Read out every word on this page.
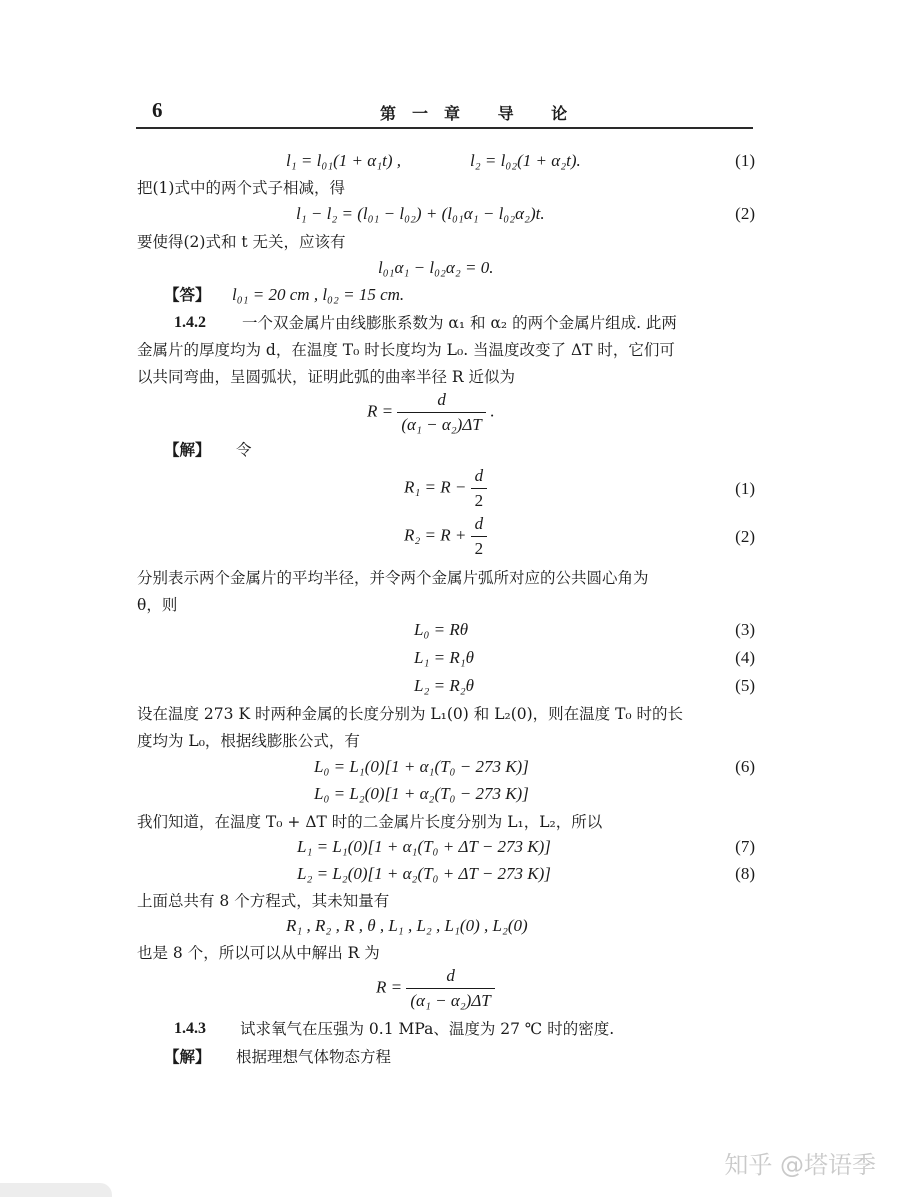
6	第一章 导 论
l₁ = l₀₁(1 + α₁t) ,	l₂ = l₀₂(1 + α₂t).	(1)
把(1)式中的两个式子相减，得
l₁ − l₂ = (l₀₁ − l₀₂) + (l₀₁α₁ − l₀₂α₂)t.	(2)
要使得(2)式和 t 无关，应该有
l₀₁α₁ − l₀₂α₂ = 0.
【答】 l₀₁ = 20 cm , l₀₂ = 15 cm.
1.4.2 一个双金属片由线膨胀系数为 α₁ 和 α₂ 的两个金属片组成. 此两
金属片的厚度均为 d，在温度 T₀ 时长度均为 L₀. 当温度改变了 ΔT 时，它们可
以共同弯曲，呈圆弧状，证明此弧的曲率半径 R 近似为
$R = \frac{d}{\text{(α₁ − α₂)ΔT}}$ .
【解】 令
$R_1 = R - \frac{d}{2}$	(1)
$R_2 = R + \frac{d}{2}$	(2)
分别表示两个金属片的平均半径，并令两个金属片弧所对应的公共圆心角为
θ，则
L₀ = Rθ	(3)
L₁ = R₁θ	(4)
L₂ = R₂θ	(5)
设在温度 273 K 时两种金属的长度分别为 L₁(0) 和 L₂(0)，则在温度 T₀ 时的长
度均为 L₀，根据线膨胀公式，有
L₀ = L₁(0)[1 + α₁(T₀ − 273 K)]	(6)
L₀ = L₂(0)[1 + α₂(T₀ − 273 K)]
我们知道，在温度 T₀ + ΔT 时的二金属片长度分别为 L₁，L₂，所以
L₁ = L₁(0)[1 + α₁(T₀ + ΔT − 273 K)]	(7)
L₂ = L₂(0)[1 + α₂(T₀ + ΔT − 273 K)]	(8)
上面总共有 8 个方程式，其未知量有
R₁ , R₂ , R , θ , L₁ , L₂ , L₁(0) , L₂(0)
也是 8 个，所以可以从中解出 R 为
$R = \frac{d}{\text{(α₁ − α₂)ΔT}}$
1.4.3 试求氧气在压强为 0.1 MPa、温度为 27 ℃ 时的密度.
【解】 根据理想气体物态方程
知乎 @塔语季
